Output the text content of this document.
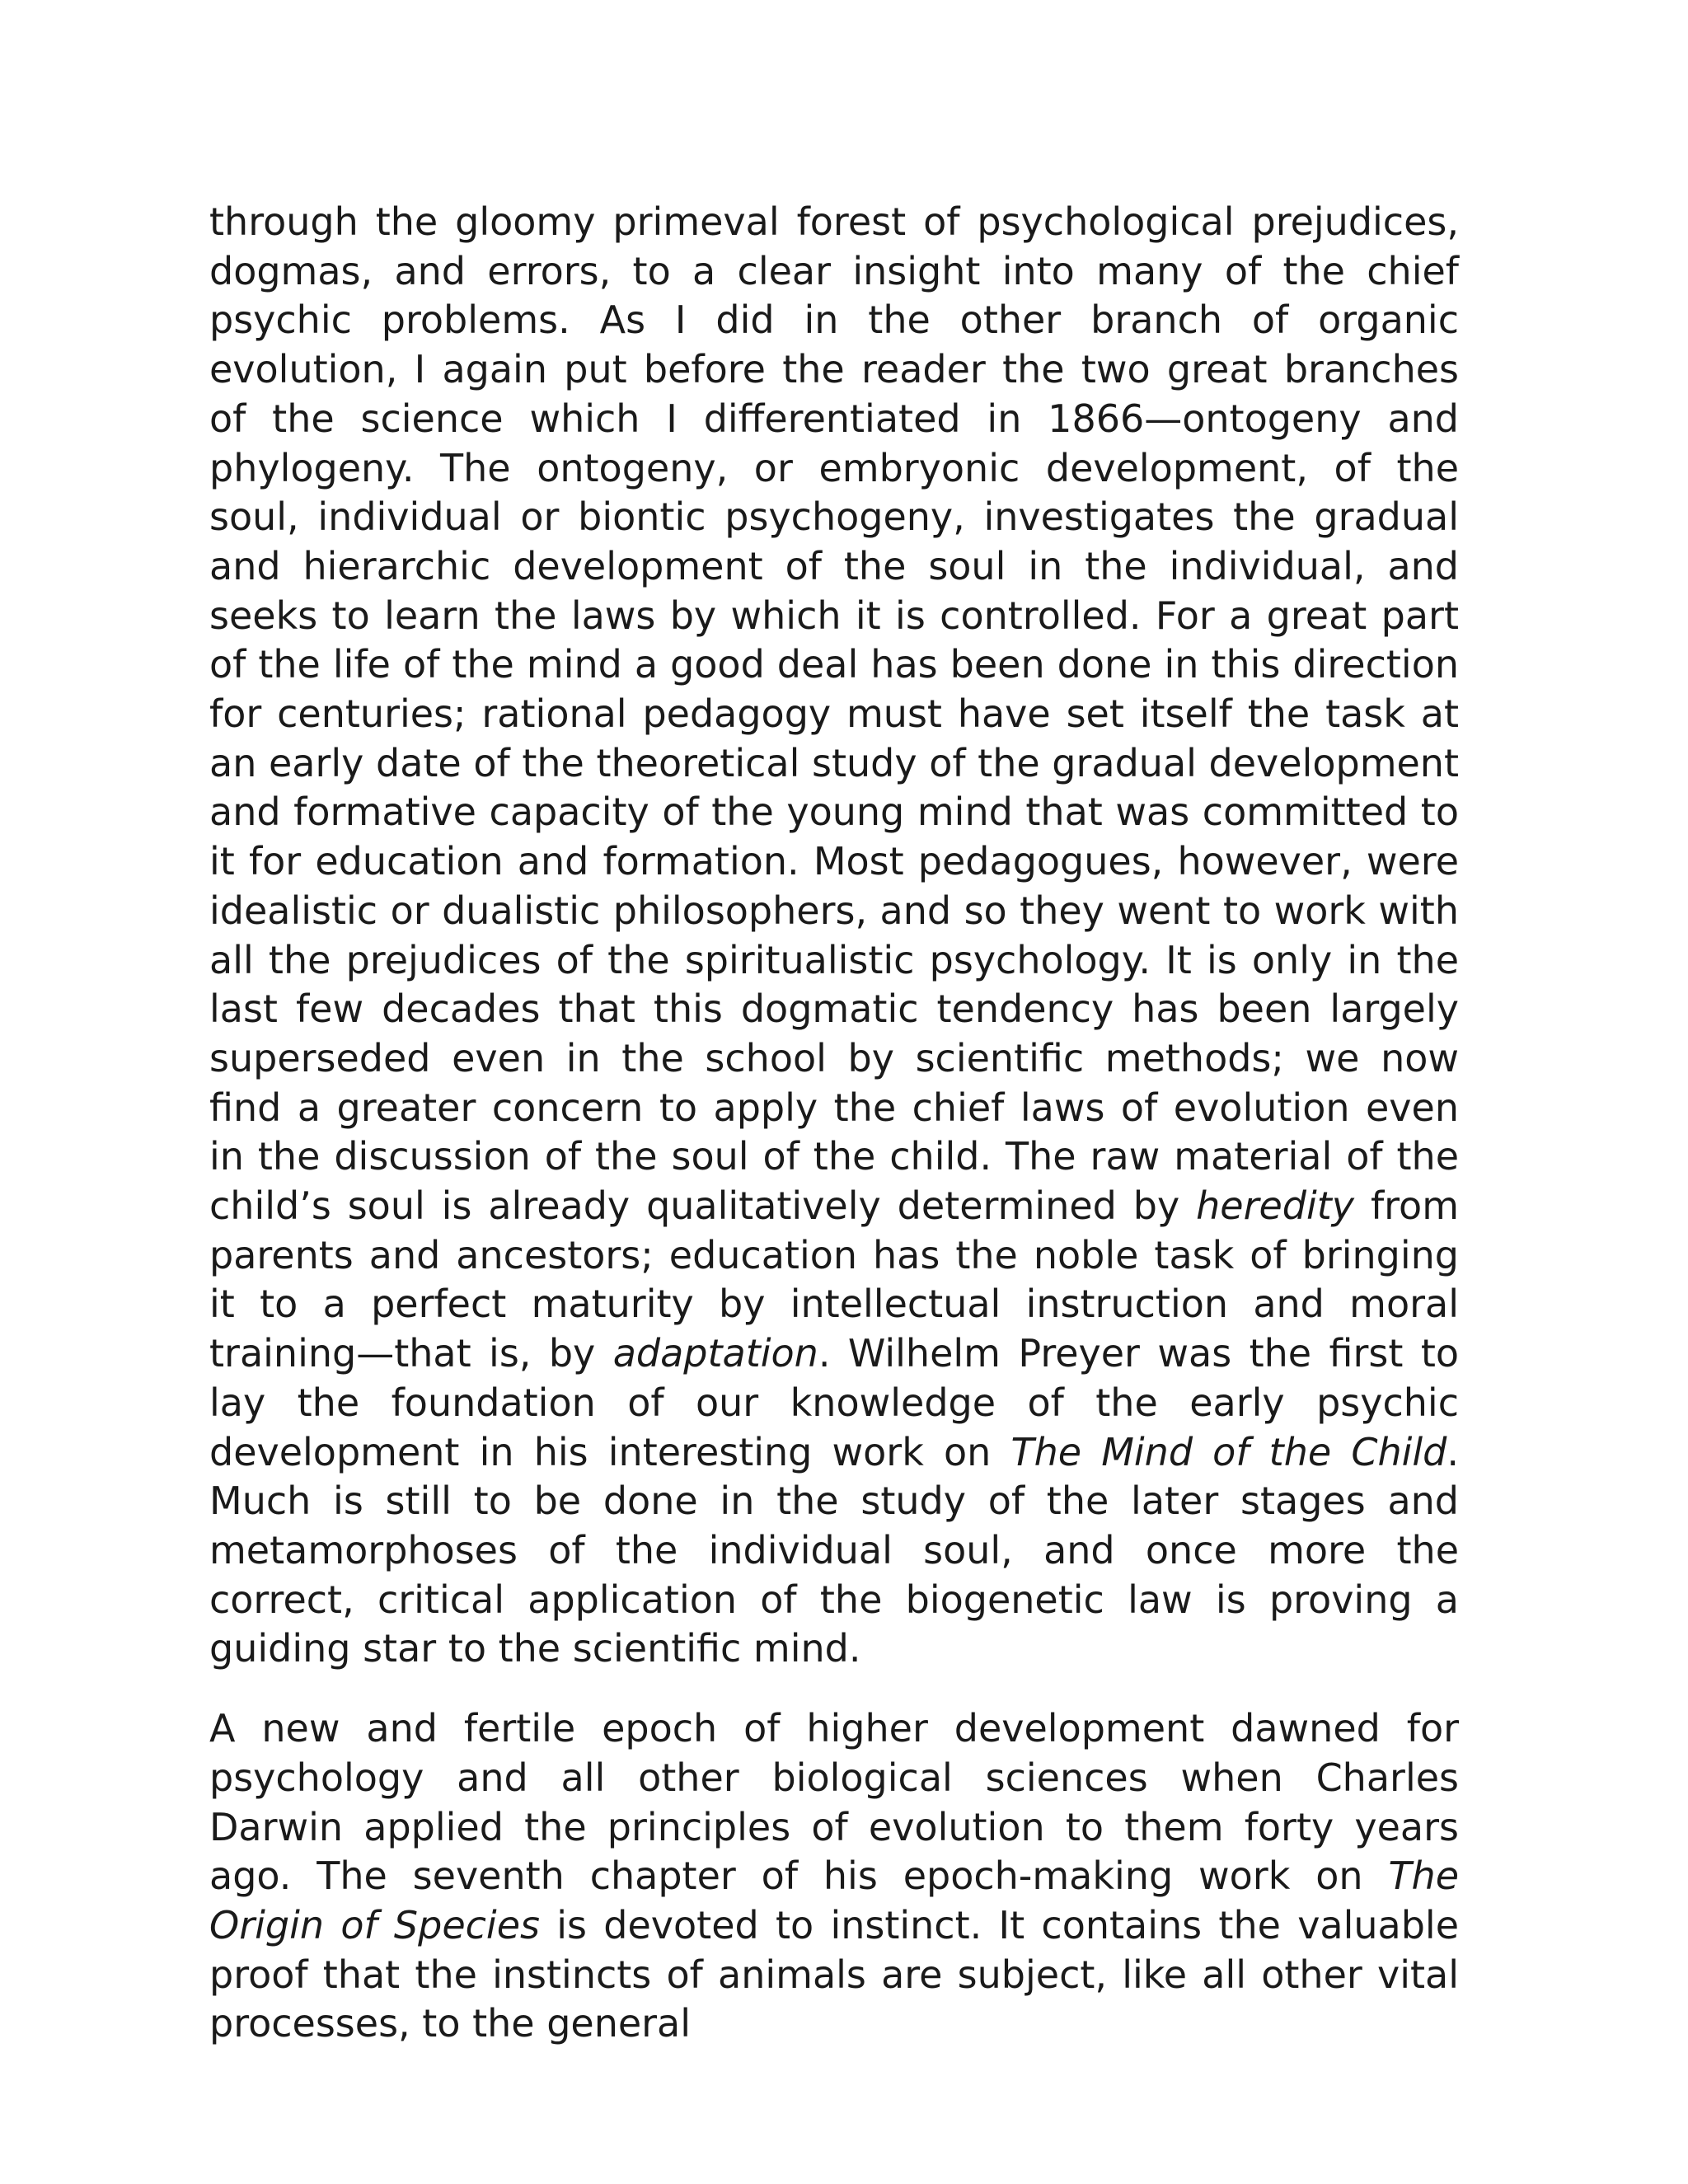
through the gloomy primeval forest of psychological prejudices, dogmas, and errors, to a clear insight into many of the chief psychic problems. As I did in the other branch of organic evolution, I again put before the reader the two great branches of the science which I differentiated in 1866—ontogeny and phylogeny. The ontogeny, or embryonic development, of the soul, individual or biontic psychogeny, investigates the gradual and hierarchic development of the soul in the individual, and seeks to learn the laws by which it is controlled. For a great part of the life of the mind a good deal has been done in this direction for centuries; rational pedagogy must have set itself the task at an early date of the theoretical study of the gradual development and formative capacity of the young mind that was committed to it for education and formation. Most pedagogues, however, were idealistic or dualistic philosophers, and so they went to work with all the prejudices of the spiritualistic psychology. It is only in the last few decades that this dogmatic tendency has been largely superseded even in the school by scientific methods; we now find a greater concern to apply the chief laws of evolution even in the discussion of the soul of the child. The raw material of the child’s soul is already qualitatively determined by heredity from parents and ancestors; education has the noble task of bringing it to a perfect maturity by intellectual instruction and moral training—that is, by adaptation. Wilhelm Preyer was the first to lay the foundation of our knowledge of the early psychic development in his interesting work on The Mind of the Child. Much is still to be done in the study of the later stages and metamorphoses of the individual soul, and once more the correct, critical application of the biogenetic law is proving a guiding star to the scientific mind.

A new and fertile epoch of higher development dawned for psychology and all other biological sciences when Charles Darwin applied the principles of evolution to them forty years ago. The seventh chapter of his epoch-making work on The Origin of Species is devoted to instinct. It contains the valuable proof that the instincts of animals are subject, like all other vital processes, to the general
